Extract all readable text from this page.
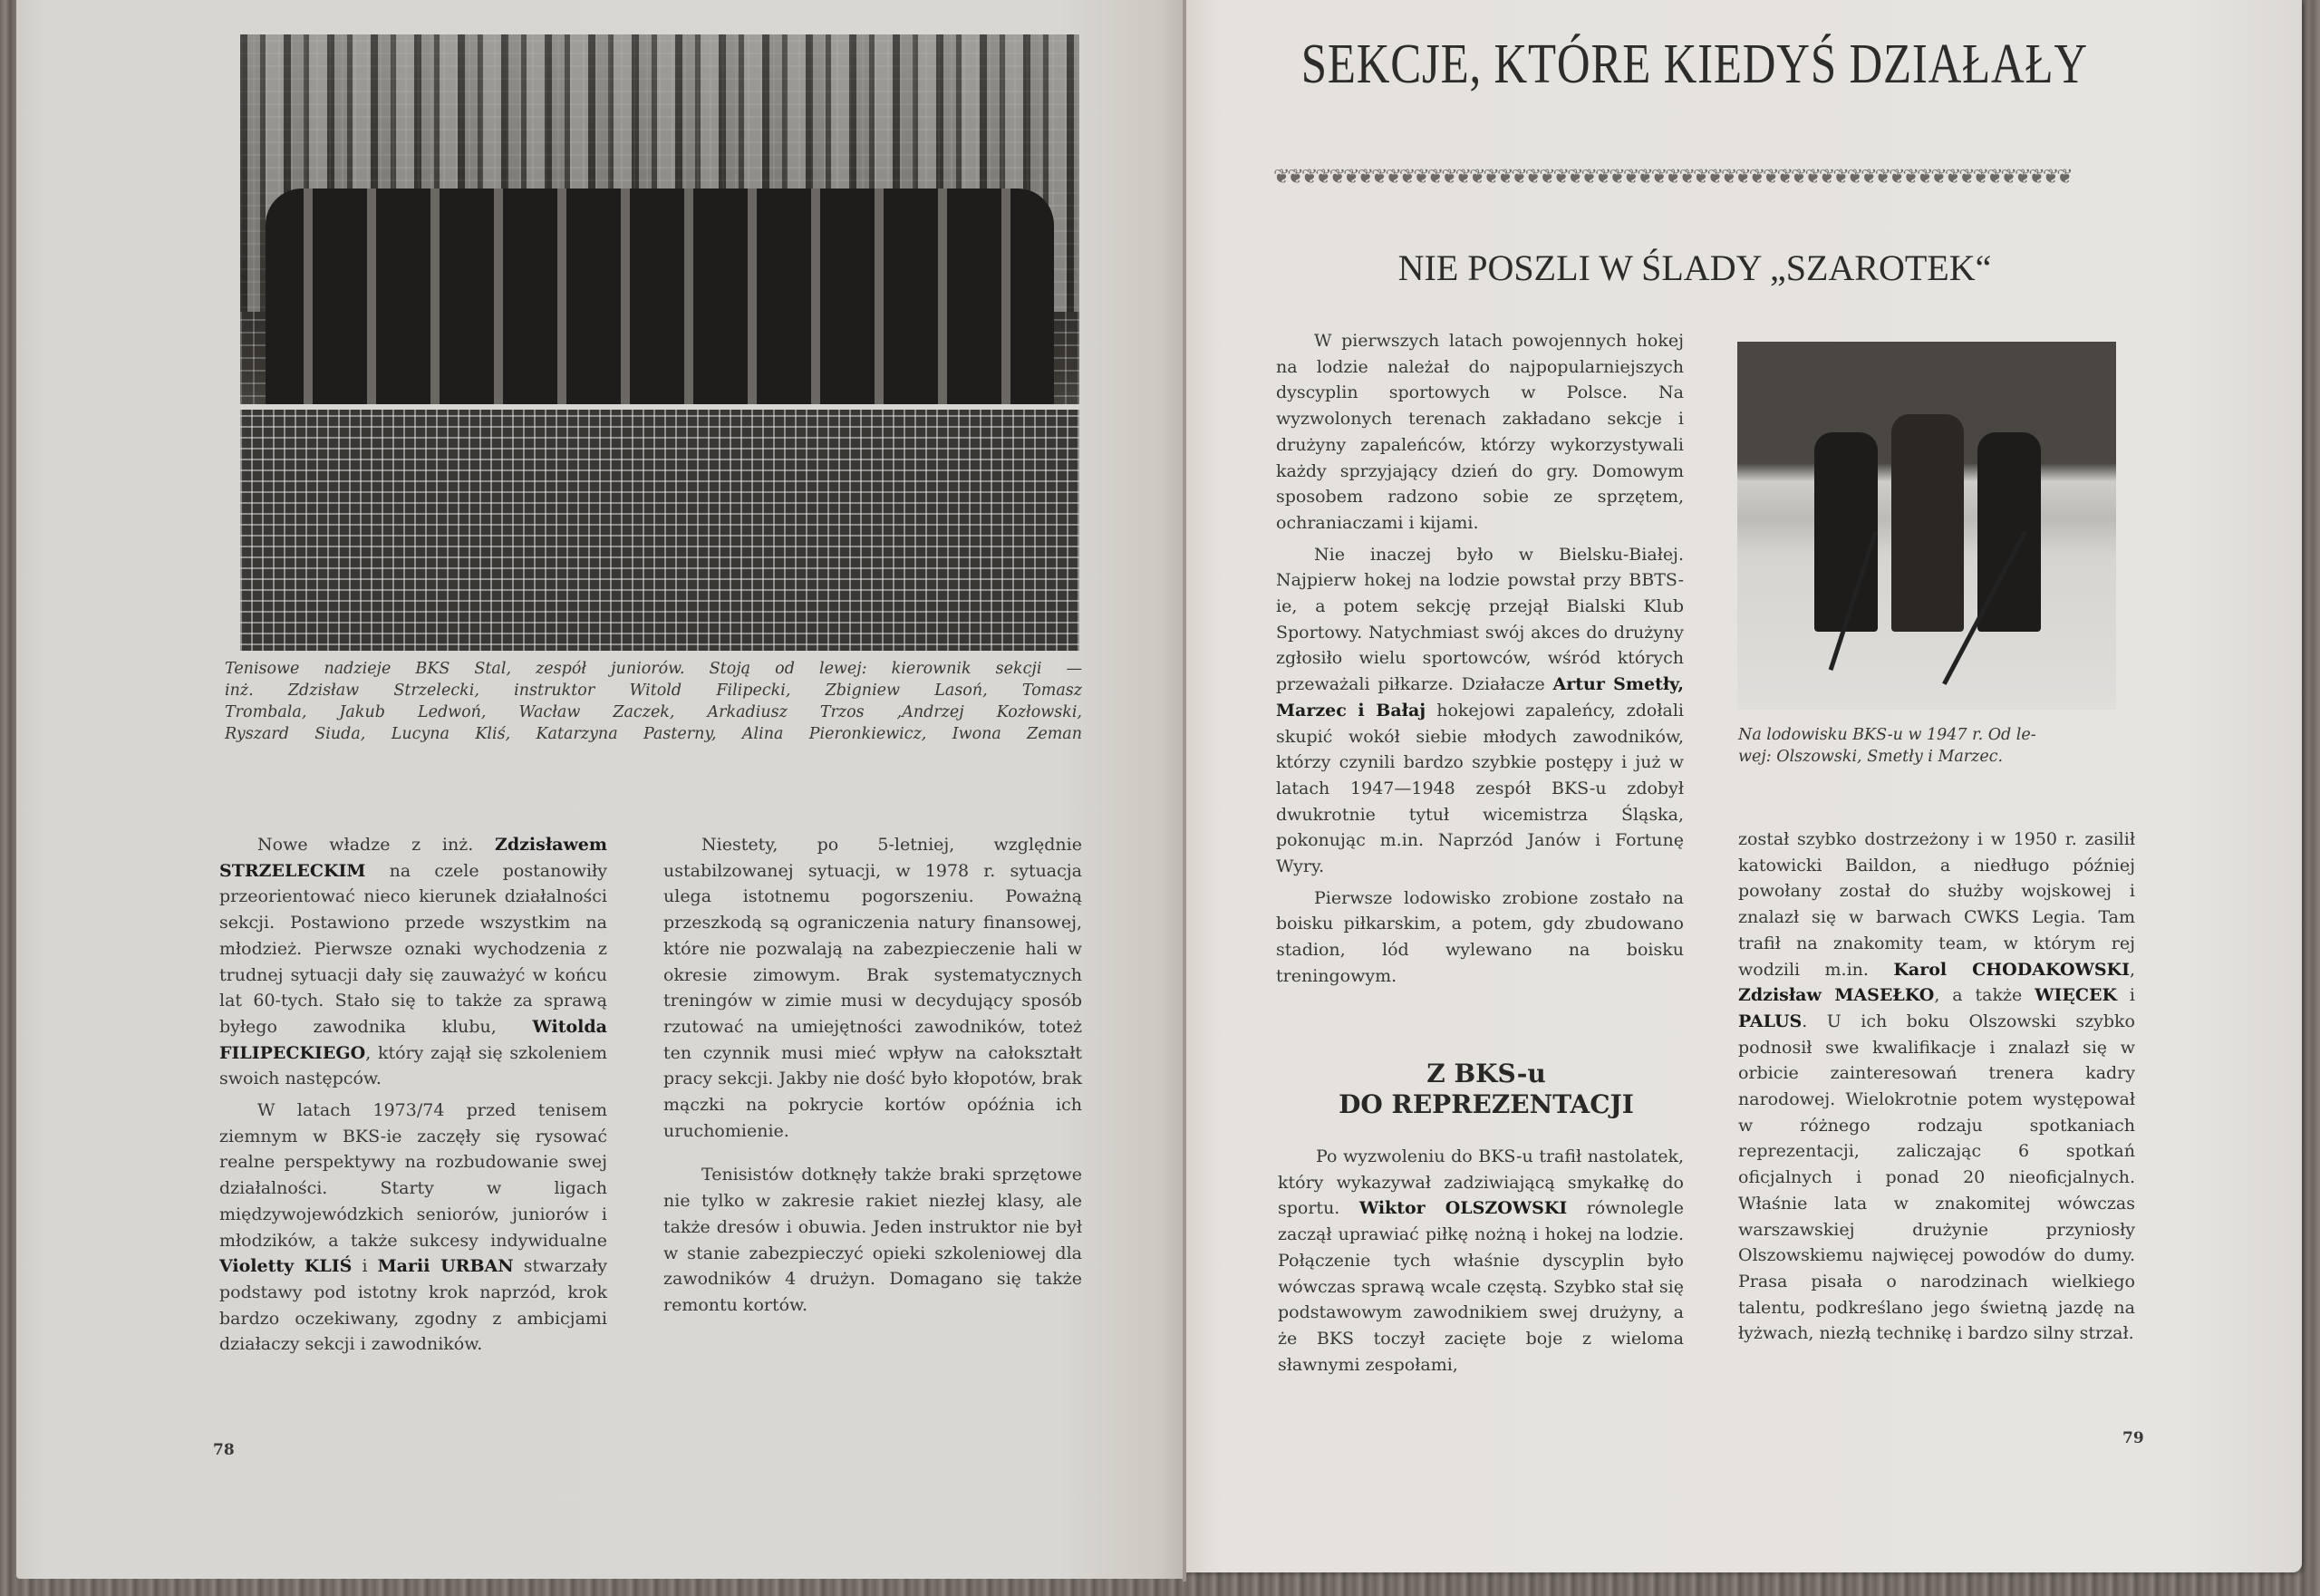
Tenisowe nadzieje BKS Stal, zespół juniorów. Stoją od lewej: kierownik sekcji —
inż. Zdzisław Strzelecki, instruktor Witold Filipecki, Zbigniew Lasoń, Tomasz
Trombala, Jakub Ledwoń, Wacław Zaczek, Arkadiusz Trzos ,Andrzej Kozłowski,
Ryszard Siuda, Lucyna Kliś, Katarzyna Pasterny, Alina Pieronkiewicz, Iwona Zeman

Nowe władze z inż. Zdzisławem STRZELECKIM na czele postanowiły przeorientować nieco kierunek działalności sekcji. Postawiono przede wszystkim na młodzież. Pierwsze oznaki wychodzenia z trudnej sytuacji dały się zauważyć w końcu lat 60-tych. Stało się to także za sprawą byłego zawodnika klubu, Witolda FILIPECKIEGO, który zajął się szkoleniem swoich następców.

W latach 1973/74 przed tenisem ziemnym w BKS-ie zaczęły się rysować realne perspektywy na rozbudowanie swej działalności. Starty w ligach międzywojewódzkich seniorów, juniorów i młodzików, a także sukcesy indywidualne Violetty KLIŚ i Marii URBAN stwarzały podstawy pod istotny krok naprzód, krok bardzo oczekiwany, zgodny z ambicjami działaczy sekcji i zawodników.

Niestety, po 5-letniej, względnie ustabilzowanej sytuacji, w 1978 r. sytuacja ulega istotnemu pogorszeniu. Poważną przeszkodą są ograniczenia natury finansowej, które nie pozwalają na zabezpieczenie hali w okresie zimowym. Brak systematycznych treningów w zimie musi w decydujący sposób rzutować na umiejętności zawodników, toteż ten czynnik musi mieć wpływ na całokształt pracy sekcji. Jakby nie dość było kłopotów, brak mączki na pokrycie kortów opóźnia ich uruchomienie.

Tenisistów dotknęły także braki sprzętowe nie tylko w zakresie rakiet niezłej klasy, ale także dresów i obuwia. Jeden instruktor nie był w stanie zabezpieczyć opieki szkoleniowej dla zawodników 4 drużyn. Domagano się także remontu kortów.

78
SEKCJE, KTÓRE KIEDYŚ DZIAŁAŁY
❦❦❦❦❦❦❦❦❦❦❦❦❦❦❦❦❦❦❦❦❦❦❦❦❦❦❦❦❦❦❦❦❦❦❦❦❦❦❦❦❦❦❦❦❦❦❦❦❦❦❦❦❦❦❦❦❦
NIE POSZLI W ŚLADY „SZAROTEK“

W pierwszych latach powojennych hokej na lodzie należał do najpopularniejszych dyscyplin sportowych w Polsce. Na wyzwolonych terenach zakładano sekcje i drużyny zapaleńców, którzy wykorzystywali każdy sprzyjający dzień do gry. Domowym sposobem radzono sobie ze sprzętem, ochraniaczami i kijami.

Nie inaczej było w Bielsku-Białej. Najpierw hokej na lodzie powstał przy BBTS-ie, a potem sekcję przejął Bialski Klub Sportowy. Natychmiast swój akces do drużyny zgłosiło wielu sportowców, wśród których przeważali piłkarze. Działacze Artur Smetły, Marzec i Bałaj hokejowi zapaleńcy, zdołali skupić wokół siebie młodych zawodników, którzy czynili bardzo szybkie postępy i już w latach 1947—1948 zespół BKS-u zdobył dwukrotnie tytuł wicemistrza Śląska, pokonując m.in. Naprzód Janów i Fortunę Wyry.

Pierwsze lodowisko zrobione zostało na boisku piłkarskim, a potem, gdy zbudowano stadion, lód wylewano na boisku treningowym.

Z BKS-u
DO REPREZENTACJI

Po wyzwoleniu do BKS-u trafił nastolatek, który wykazywał zadziwiającą smykałkę do sportu. Wiktor OLSZOWSKI równolegle zaczął uprawiać piłkę nożną i hokej na lodzie. Połączenie tych właśnie dyscyplin było wówczas sprawą wcale częstą. Szybko stał się podstawowym zawodnikiem swej drużyny, a że BKS toczył zacięte boje z wieloma sławnymi zespołami,

Na lodowisku BKS-u w 1947 r. Od le-
wej: Olszowski, Smetły i Marzec.

został szybko dostrzeżony i w 1950 r. zasilił katowicki Baildon, a niedługo później powołany został do służby wojskowej i znalazł się w barwach CWKS Legia. Tam trafił na znakomity team, w którym rej wodzili m.in. Karol CHODAKOWSKI, Zdzisław MASEŁKO, a także WIĘCEK i PALUS. U ich boku Olszowski szybko podnosił swe kwalifikacje i znalazł się w orbicie zainteresowań trenera kadry narodowej. Wielokrotnie potem występował w różnego rodzaju spotkaniach reprezentacji, zaliczając 6 spotkań oficjalnych i ponad 20 nieoficjalnych. Właśnie lata w znakomitej wówczas warszawskiej drużynie przyniosły Olszowskiemu najwięcej powodów do dumy. Prasa pisała o narodzinach wielkiego talentu, podkreślano jego świetną jazdę na łyżwach, niezłą technikę i bardzo silny strzał.

79
